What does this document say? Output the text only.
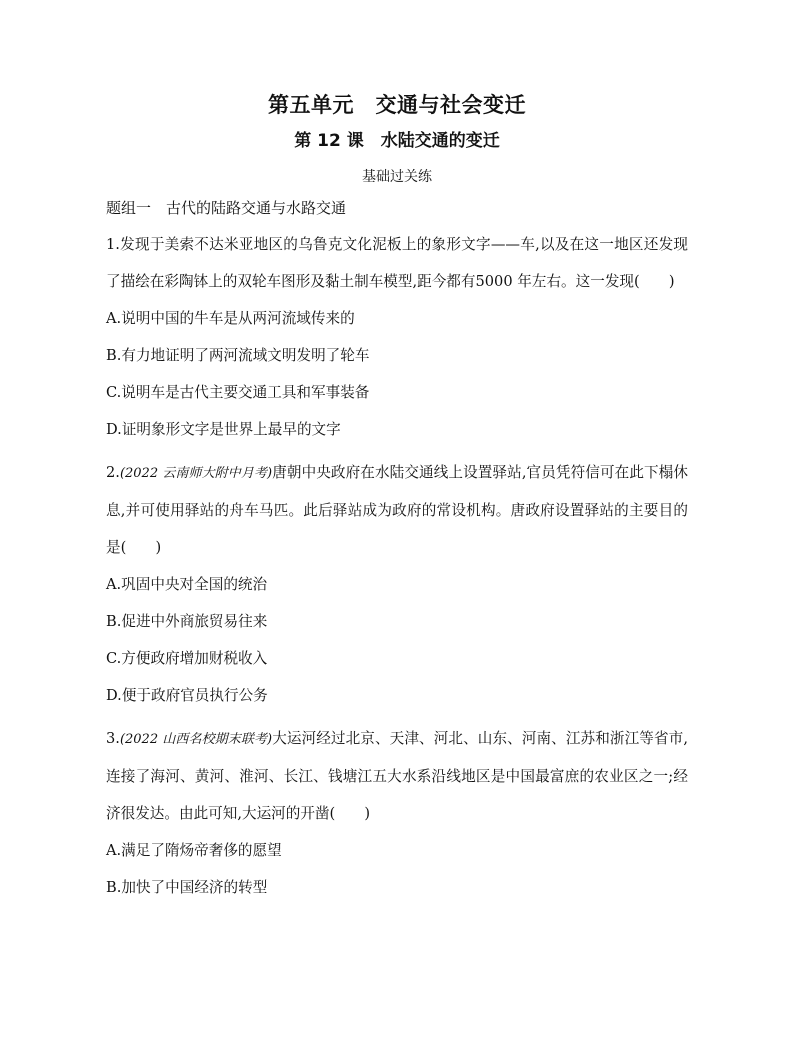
第五单元　交通与社会变迁
第 12 课　水陆交通的变迁
基础过关练
题组一　古代的陆路交通与水路交通
1.发现于美索不达米亚地区的乌鲁克文化泥板上的象形文字——车,以及在这一地区还发现了描绘在彩陶钵上的双轮车图形及黏土制车模型,距今都有5000 年左右。这一发现(　　)
A.说明中国的牛车是从两河流域传来的
B.有力地证明了两河流域文明发明了轮车
C.说明车是古代主要交通工具和军事装备
D.证明象形文字是世界上最早的文字
2.(2022 云南师大附中月考)唐朝中央政府在水陆交通线上设置驿站,官员凭符信可在此下榻休息,并可使用驿站的舟车马匹。此后驿站成为政府的常设机构。唐政府设置驿站的主要目的是(　　)
A.巩固中央对全国的统治
B.促进中外商旅贸易往来
C.方便政府增加财税收入
D.便于政府官员执行公务
3.(2022 山西名校期末联考)大运河经过北京、天津、河北、山东、河南、江苏和浙江等省市,连接了海河、黄河、淮河、长江、钱塘江五大水系沿线地区是中国最富庶的农业区之一;经济很发达。由此可知,大运河的开凿(　　)
A.满足了隋炀帝奢侈的愿望
B.加快了中国经济的转型
